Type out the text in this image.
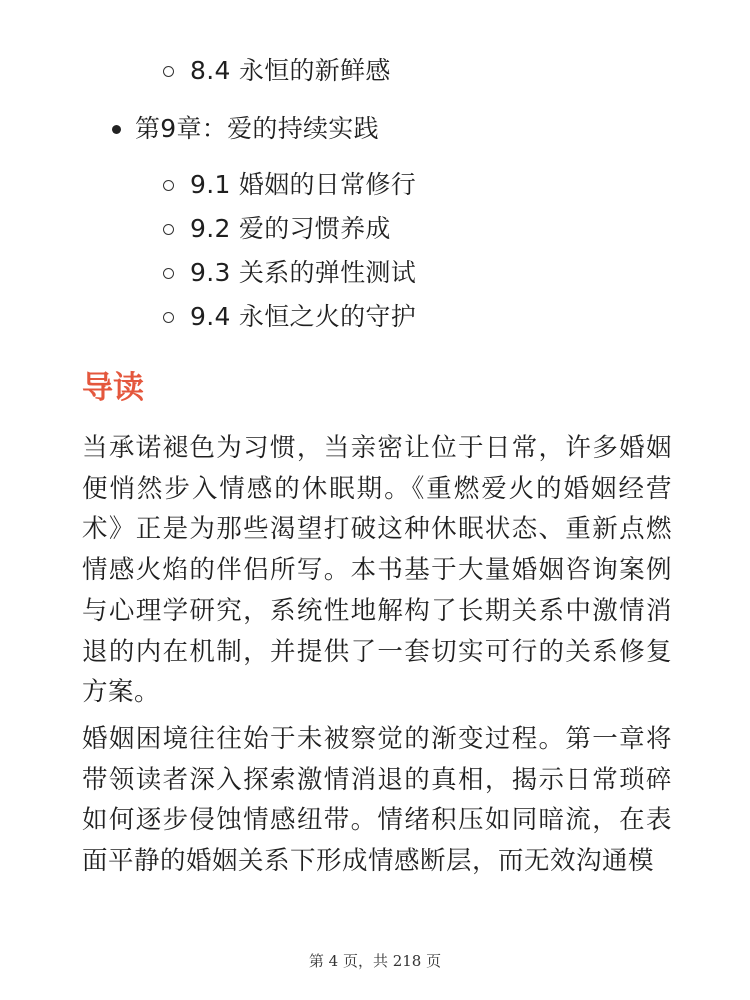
8.4 永恒的新鲜感
第9章：爱的持续实践
9.1 婚姻的日常修行
9.2 爱的习惯养成
9.3 关系的弹性测试
9.4 永恒之火的守护
导读

当承诺褪色为习惯，当亲密让位于日常，许多婚姻便悄然步入情感的休眠期。《重燃爱火的婚姻经营术》正是为那些渴望打破这种休眠状态、重新点燃情感火焰的伴侣所写。本书基于大量婚姻咨询案例与心理学研究，系统性地解构了长期关系中激情消退的内在机制，并提供了一套切实可行的关系修复方案。

婚姻困境往往始于未被察觉的渐变过程。第一章将带领读者深入探索激情消退的真相，揭示日常琐碎如何逐步侵蚀情感纽带。情绪积压如同暗流，在表面平静的婚姻关系下形成情感断层，而无效沟通模

第 4 页，共 218 页
